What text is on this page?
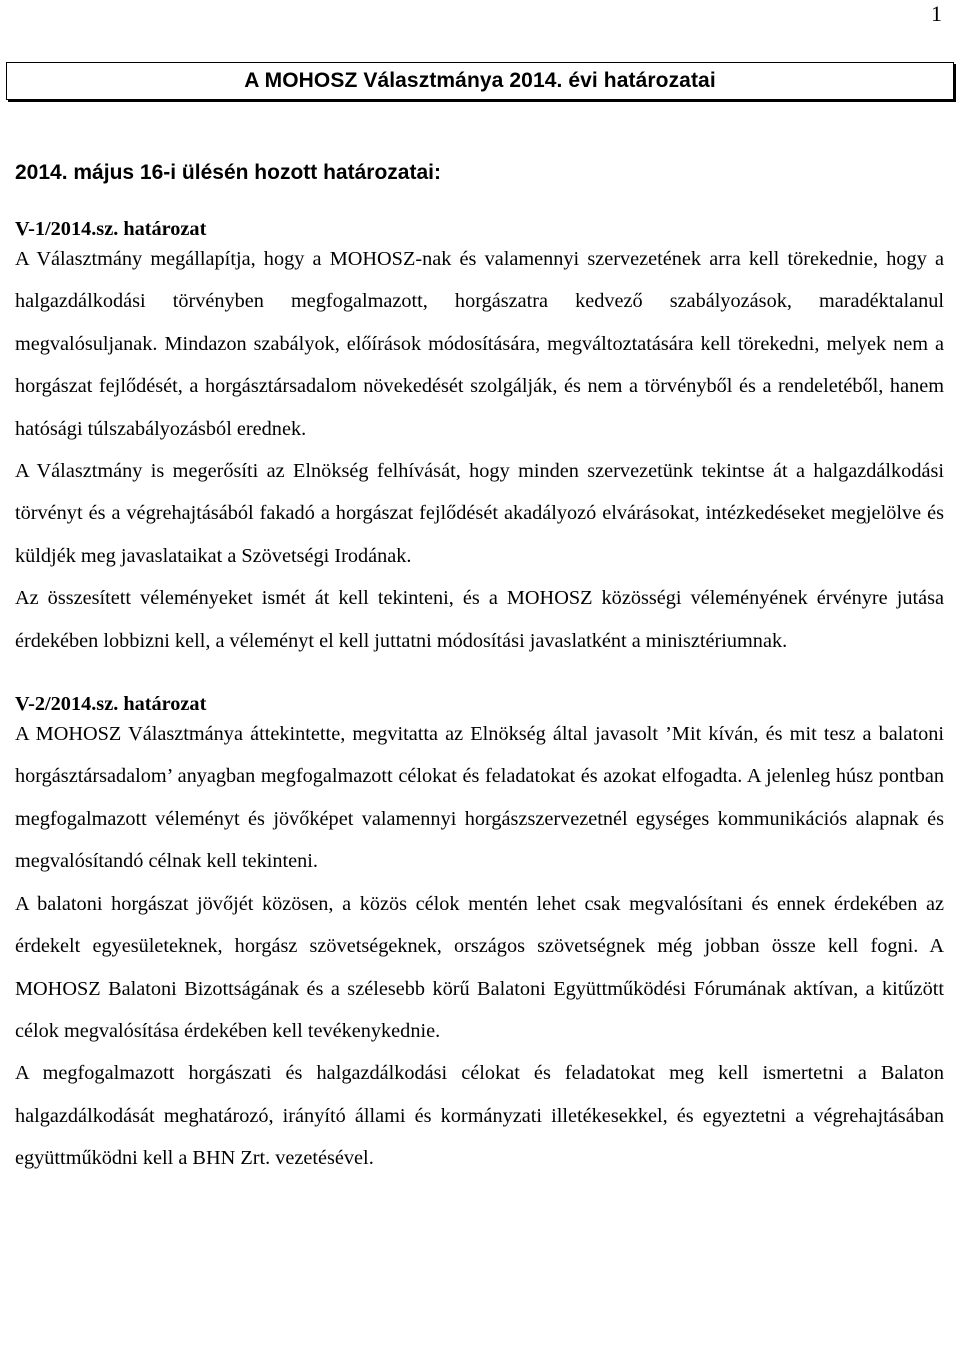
1
A MOHOSZ Választmánya 2014. évi határozatai
2014. május 16-i ülésén hozott határozatai:
V-1/2014.sz. határozat

A Választmány megállapítja, hogy a MOHOSZ-nak és valamennyi szervezetének arra kell törekednie, hogy a halgazdálkodási törvényben megfogalmazott, horgászatra kedvező szabályozások, maradéktalanul megvalósuljanak. Mindazon szabályok, előírások módosítására, megváltoztatására kell törekedni, melyek nem a horgászat fejlődését, a horgásztársadalom növekedését szolgálják, és nem a törvényből és a rendeletéből, hanem hatósági túlszabályozásból erednek.

A Választmány is megerősíti az Elnökség felhívását, hogy minden szervezetünk tekintse át a halgazdálkodási törvényt és a végrehajtásából fakadó a horgászat fejlődését akadályozó elvárásokat, intézkedéseket megjelölve és küldjék meg javaslataikat a Szövetségi Irodának.

Az összesített véleményeket ismét át kell tekinteni, és a MOHOSZ közösségi véleményének érvényre jutása érdekében lobbizni kell, a véleményt el kell juttatni módosítási javaslatként a minisztériumnak.

V-2/2014.sz. határozat

A MOHOSZ Választmánya áttekintette, megvitatta az Elnökség által javasolt ’Mit kíván, és mit tesz a balatoni horgásztársadalom’ anyagban megfogalmazott célokat és feladatokat és azokat elfogadta. A jelenleg húsz pontban megfogalmazott véleményt és jövőképet valamennyi horgászszervezetnél egységes kommunikációs alapnak és megvalósítandó célnak kell tekinteni.

A balatoni horgászat jövőjét közösen, a közös célok mentén lehet csak megvalósítani és ennek érdekében az érdekelt egyesületeknek, horgász szövetségeknek, országos szövetségnek még jobban össze kell fogni. A MOHOSZ Balatoni Bizottságának és a szélesebb körű Balatoni Együttműködési Fórumának aktívan, a kitűzött célok megvalósítása érdekében kell tevékenykednie.

A megfogalmazott horgászati és halgazdálkodási célokat és feladatokat meg kell ismertetni a Balaton halgazdálkodását meghatározó, irányító állami és kormányzati illetékesekkel, és egyeztetni a végrehajtásában együttműködni kell a BHN Zrt. vezetésével.
